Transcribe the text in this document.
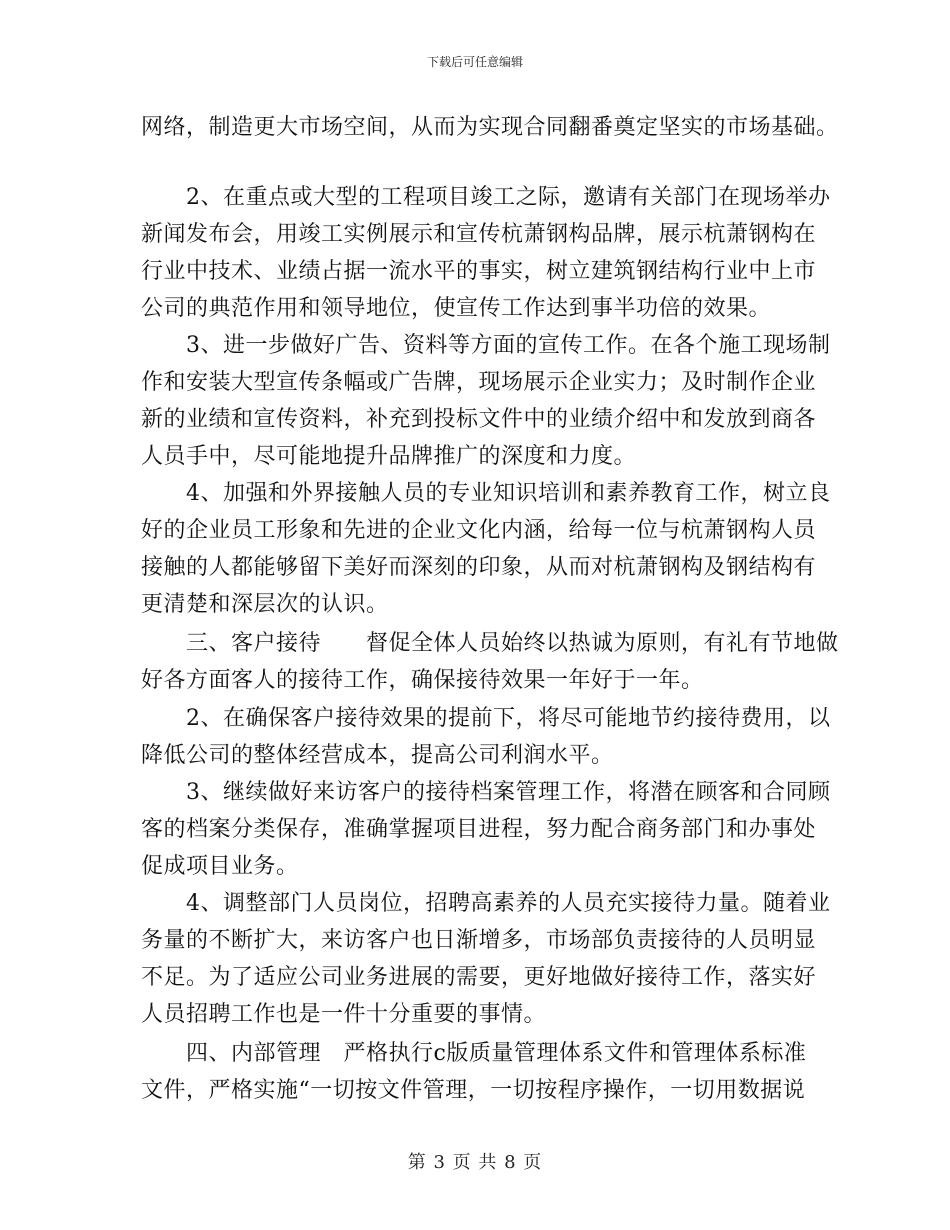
下载后可任意编辑
网络，制造更大市场空间，从而为实现合同翻番奠定坚实的市场基础。
　　2、在重点或大型的工程项目竣工之际，邀请有关部门在现场举办
新闻发布会，用竣工实例展示和宣传杭萧钢构品牌，展示杭萧钢构在
行业中技术、业绩占据一流水平的事实，树立建筑钢结构行业中上市
公司的典范作用和领导地位，使宣传工作达到事半功倍的效果。
　　3、进一步做好广告、资料等方面的宣传工作。在各个施工现场制
作和安装大型宣传条幅或广告牌，现场展示企业实力；及时制作企业
新的业绩和宣传资料，补充到投标文件中的业绩介绍中和发放到商各
人员手中，尽可能地提升品牌推广的深度和力度。
　　4、加强和外界接触人员的专业知识培训和素养教育工作，树立良
好的企业员工形象和先进的企业文化内涵，给每一位与杭萧钢构人员
接触的人都能够留下美好而深刻的印象，从而对杭萧钢构及钢结构有
更清楚和深层次的认识。
　　三、客户接待　　督促全体人员始终以热诚为原则，有礼有节地做
好各方面客人的接待工作，确保接待效果一年好于一年。
　　2、在确保客户接待效果的提前下，将尽可能地节约接待费用，以
降低公司的整体经营成本，提高公司利润水平。
　　3、继续做好来访客户的接待档案管理工作，将潜在顾客和合同顾
客的档案分类保存，准确掌握项目进程，努力配合商务部门和办事处
促成项目业务。
　　4、调整部门人员岗位，招聘高素养的人员充实接待力量。随着业
务量的不断扩大，来访客户也日渐增多，市场部负责接待的人员明显
不足。为了适应公司业务进展的需要，更好地做好接待工作，落实好
人员招聘工作也是一件十分重要的事情。
　　四、内部管理　严格执行c版质量管理体系文件和管理体系标准
文件，严格实施“一切按文件管理，一切按程序操作，一切用数据说
第 3 页 共 8 页
